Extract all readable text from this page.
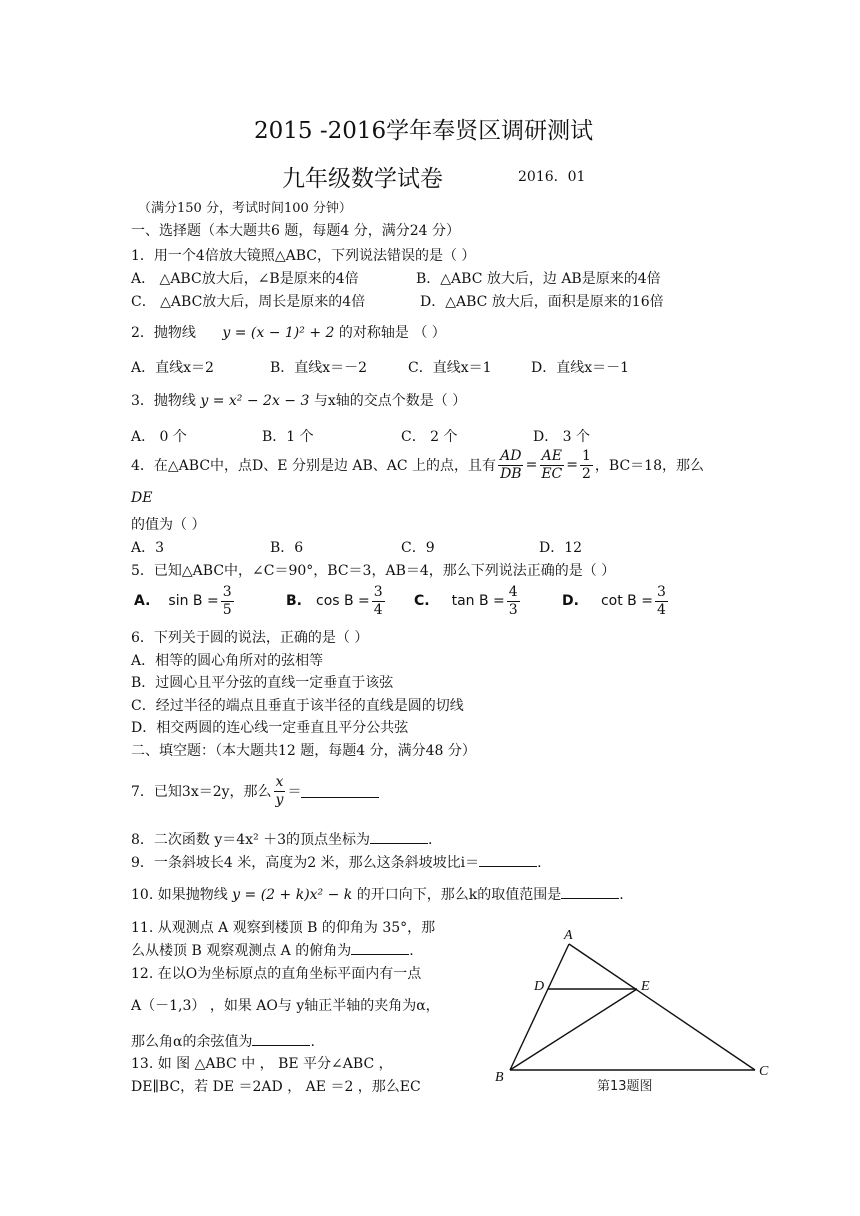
2015 -2016学年奉贤区调研测试
九年级数学试卷	2016．01
（满分150 分，考试时间100 分钟）
一、选择题（本大题共6 题，每题4 分，满分24 分）
1．用一个4倍放大镜照△ABC，下列说法错误的是（ ）
A． △ABC放大后，∠B是原来的4倍	B．△ABC 放大后，边 AB是原来的4倍
C． △ABC放大后，周长是原来的4倍	D．△ABC 放大后，面积是原来的16倍
2．抛物线 y = (x − 1)² + 2 的对称轴是 （ ）
A．直线x＝2	B．直线x＝－2	C．直线x＝1	D．直线x＝－1
3．抛物线 y = x² − 2x − 3 与x轴的交点个数是（ ）
A． 0 个	B．1 个	C． 2 个	D． 3 个
4．在△ABC中，点D、E 分别是边 AB、AC 上的点，且有 $\frac{AD}{DB} = \frac{AE}{EC} = \frac{1}{2}$ ，BC＝18，那么
DE
的值为（ ）
A．3	B．6	C．9	D．12
5．已知△ABC中，∠C＝90°，BC＝3，AB＝4，那么下列说法正确的是（ ）
A. $\sin B = \frac{3}{5}$	B. $\cos B = \frac{3}{4} C$. $\tan B = \frac{4}{3}$	D. $\cot B = \frac{3}{4}$
6．下列关于圆的说法，正确的是（ ）
A．相等的圆心角所对的弦相等
B．过圆心且平分弦的直线一定垂直于该弦
C．经过半径的端点且垂直于该半径的直线是圆的切线
D．相交两圆的连心线一定垂直且平分公共弦
二、填空题：（本大题共12 题，每题4 分，满分48 分）
7．已知3x＝2y，那么 $\frac{x}{y}$ ＝
8．二次函数 y＝4x² ＋3的顶点坐标为	.
9．一条斜坡长4 米，高度为2 米，那么这条斜坡坡比i＝	.
10. 如果抛物线 y = (2 + k)x² − k 的开口向下，那么k的取值范围是	.
11. 从观测点 A 观察到楼顶 B 的仰角为 35°，那
么从楼顶 B 观察观测点 A 的俯角为	.
12. 在以O为坐标原点的直角坐标平面内有一点
A（－1,3） ，如果 AO与 y轴正半轴的夹角为α，
那么角α的余弦值为	.
13. 如 图 △ABC 中 ， BE 平分∠ABC ，
DE∥BC，若 DE ＝2AD ， AE ＝2 ，那么EC
A
B	C
D	E
第13题图
